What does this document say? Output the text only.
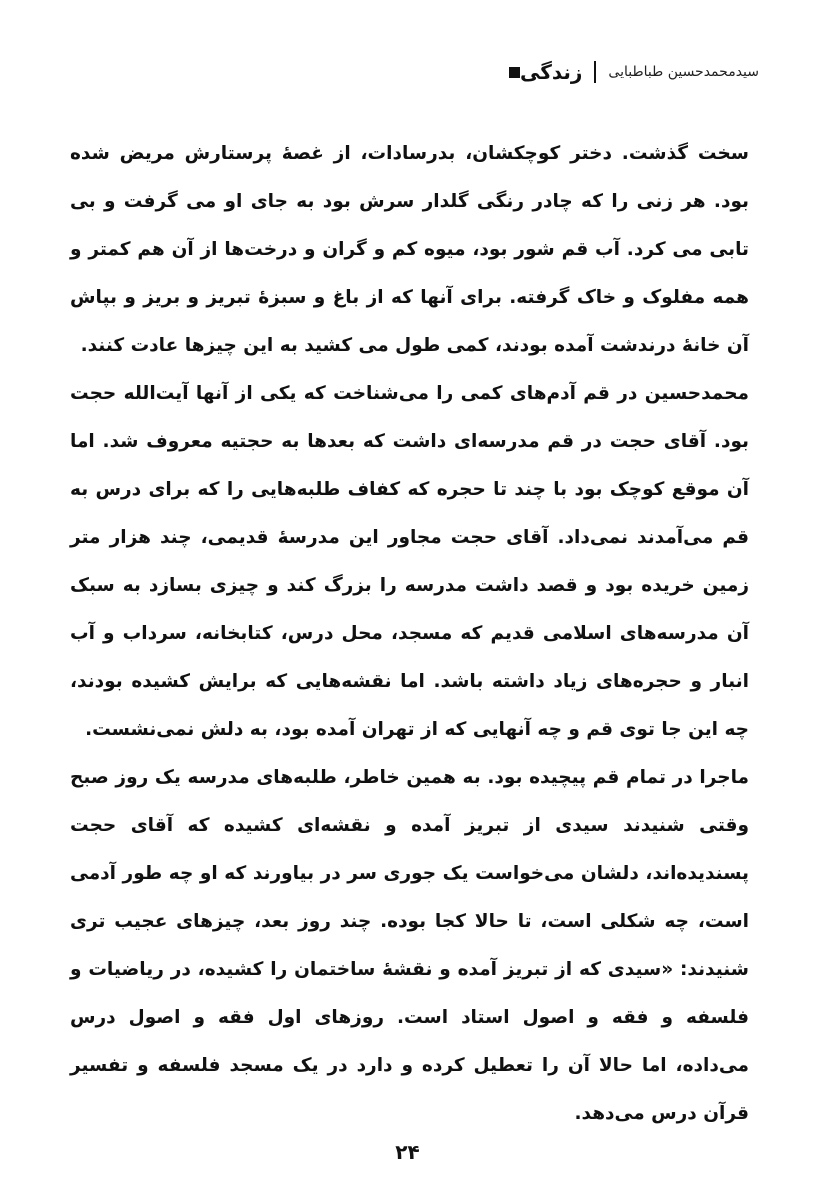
زندگی سیدمحمدحسین طباطبایی

سخت گذشت. دختر کوچکشان، بدرسادات، از غصهٔ پرستارش مریض شده بود. هر زنی را که چادر رنگی گلدار سرش بود به جای او می گرفت و بی تابی می کرد. آب قم شور بود، میوه کم و گران و درخت‌ها از آن هم کمتر و همه مفلوک و خاک گرفته. برای آنها که از باغ و سبزهٔ تبریز و بریز و بپاش آن خانهٔ درندشت آمده بودند، کمی طول می کشید به این چیزها عادت کنند.

محمدحسین در قم آدم‌های کمی را می‌شناخت که یکی از آنها آیت‌الله حجت بود. آقای حجت در قم مدرسه‌ای داشت که بعدها به حجتیه معروف شد. اما آن موقع کوچک بود با چند تا حجره که کفاف طلبه‌هایی را که برای درس به قم می‌آمدند نمی‌داد. آقای حجت مجاور این مدرسهٔ قدیمی، چند هزار متر زمین خریده بود و قصد داشت مدرسه را بزرگ کند و چیزی بسازد به سبک آن مدرسه‌های اسلامی قدیم که مسجد، محل درس، کتابخانه، سرداب و آب انبار و حجره‌های زیاد داشته باشد. اما نقشه‌هایی که برایش کشیده بودند، چه این جا توی قم و چه آنهایی که از تهران آمده بود، به دلش نمی‌نشست.

ماجرا در تمام قم پیچیده بود. به همین خاطر، طلبه‌های مدرسه یک روز صبح وقتی شنیدند سیدی از تبریز آمده و نقشه‌ای کشیده که آقای حجت پسندیده‌اند، دلشان می‌خواست یک جوری سر در بیاورند که او چه طور آدمی است، چه شکلی است، تا حالا کجا بوده. چند روز بعد، چیزهای عجیب تری شنیدند: «سیدی که از تبریز آمده و نقشهٔ ساختمان را کشیده، در ریاضیات و فلسفه و فقه و اصول استاد است. روزهای اول فقه و اصول درس می‌داده، اما حالا آن را تعطیل کرده و دارد در یک مسجد فلسفه و تفسیر قرآن درس می‌دهد.

۲۴
